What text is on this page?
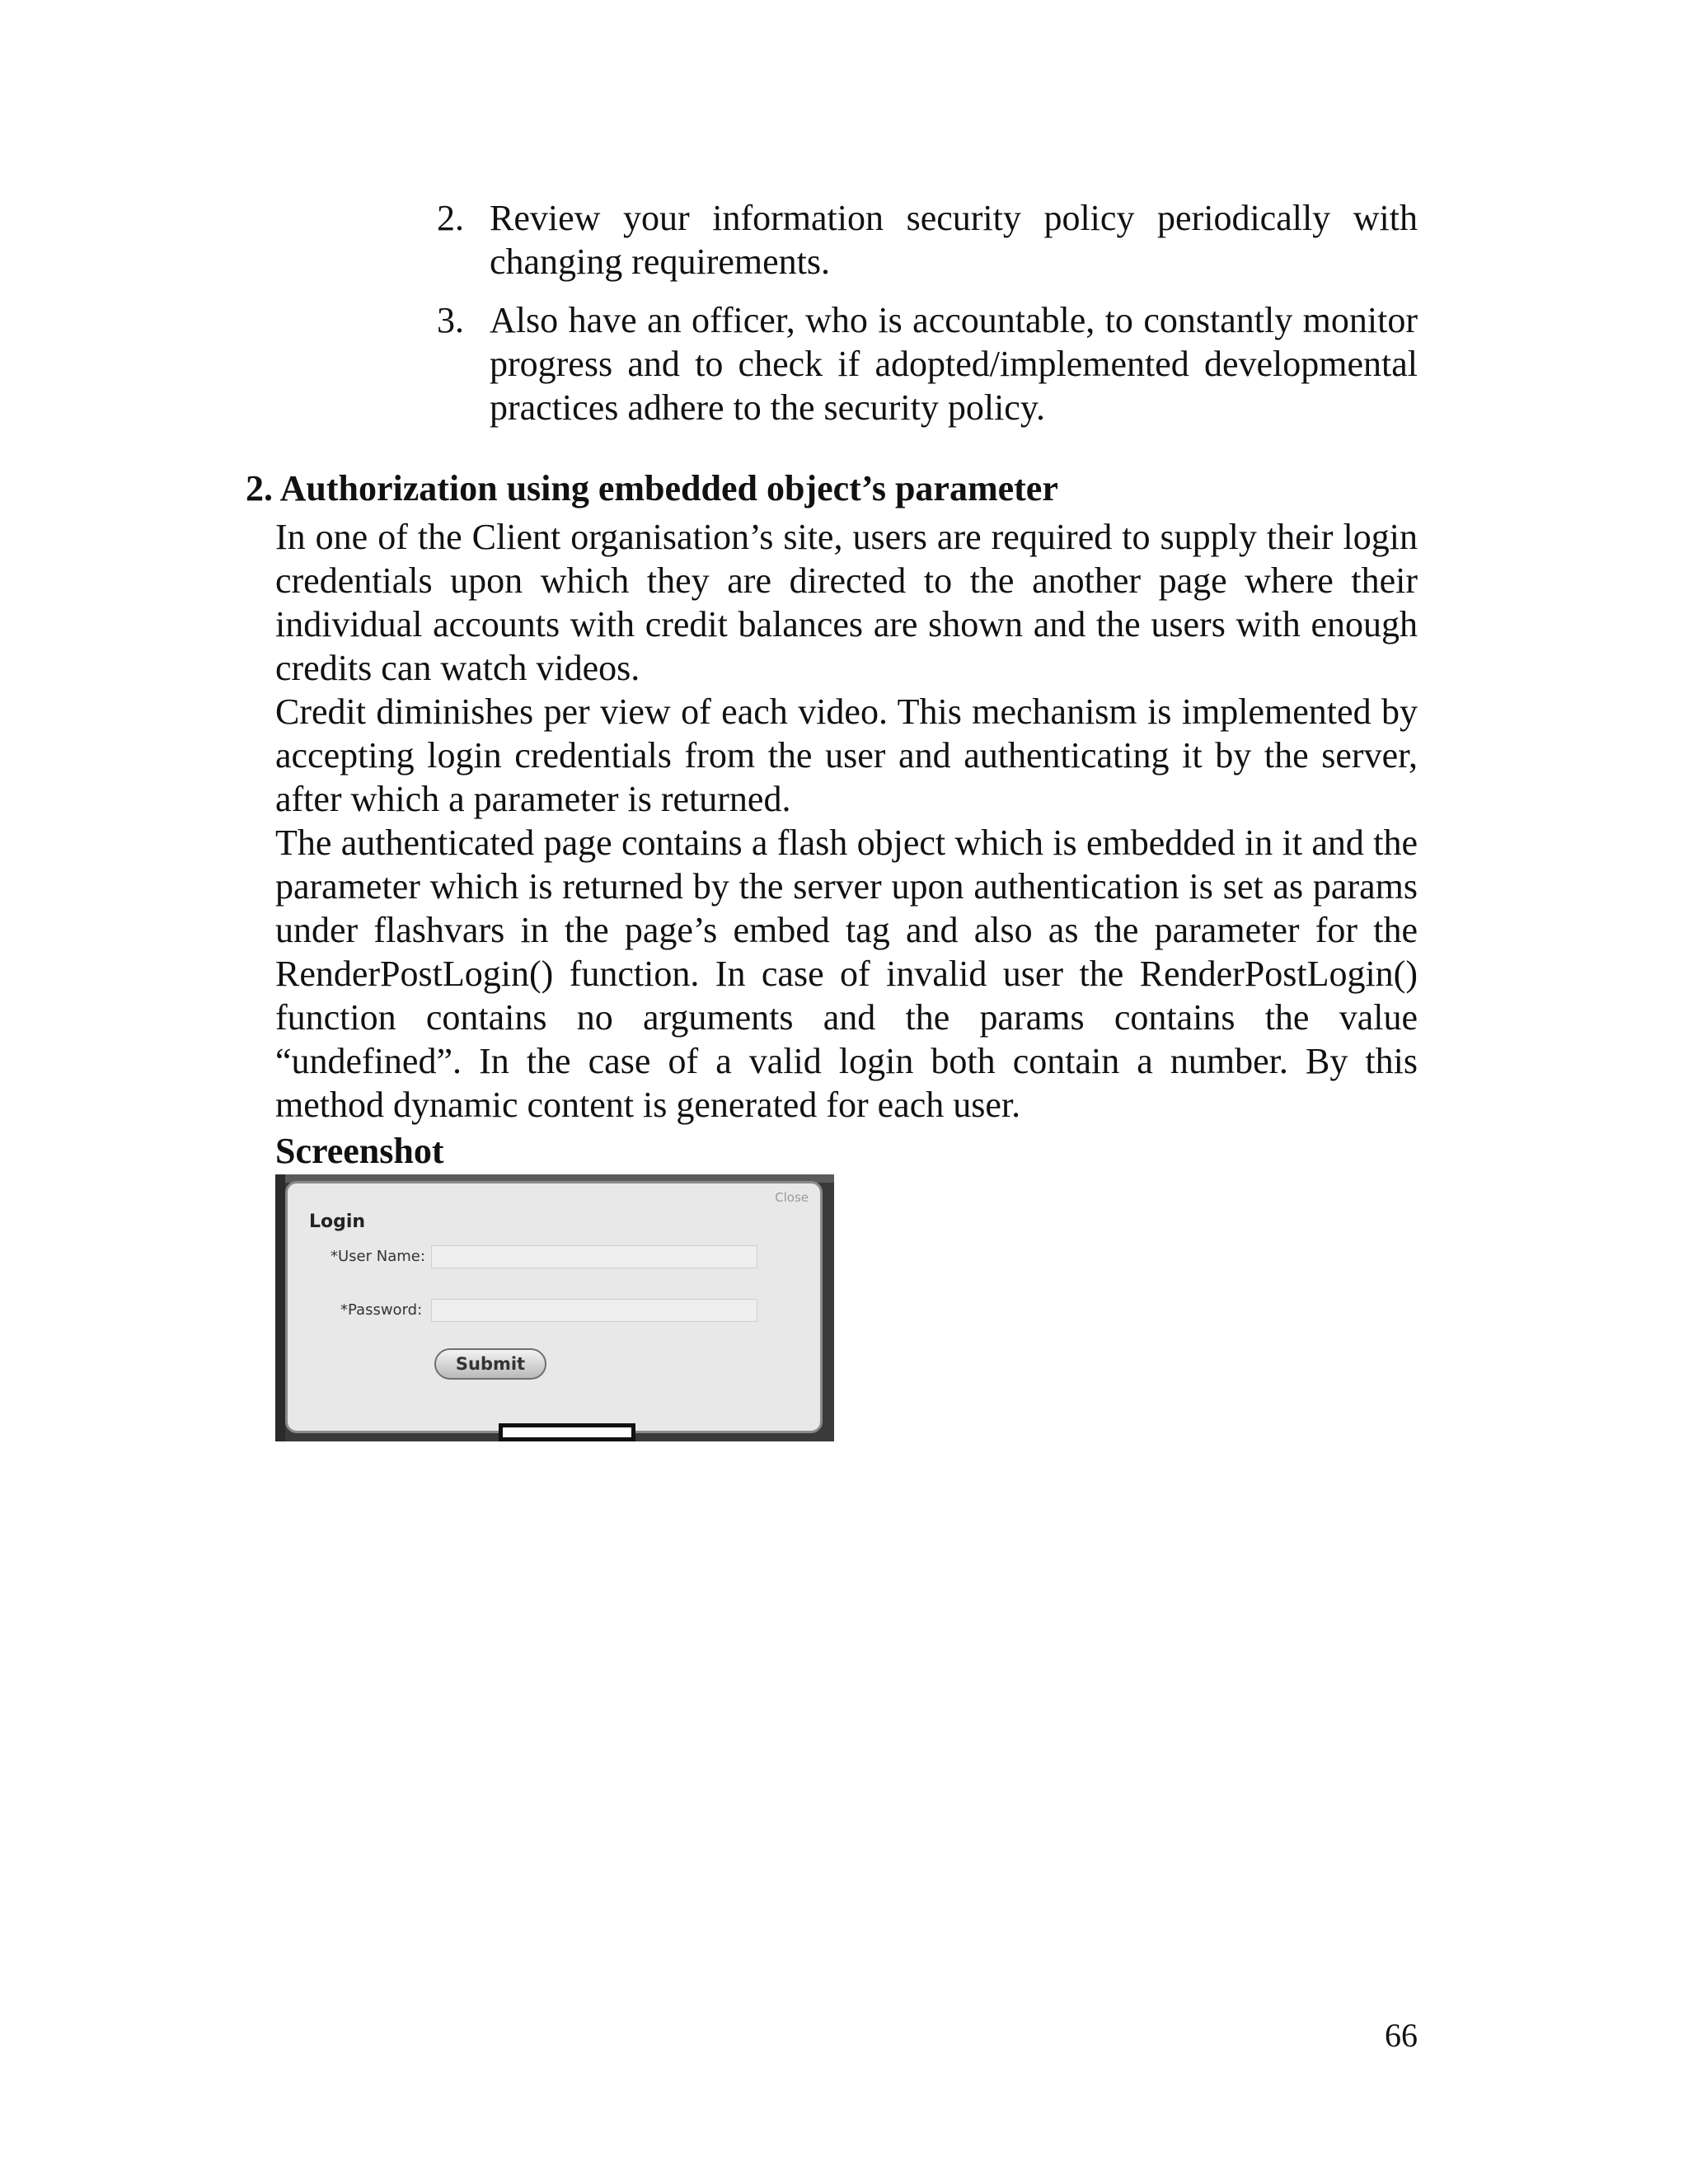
2. Review your information security policy periodically with changing requirements.
3. Also have an officer, who is accountable, to constantly monitor progress and to check if adopted/implemented developmental practices adhere to the security policy.
2. Authorization using embedded object’s parameter

In one of the Client organisation’s site, users are required to supply their login credentials upon which they are directed to the another page where their individual accounts with credit balances are shown and the users with enough credits can watch videos.

Credit diminishes per view of each video. This mechanism is implemented by accepting login credentials from the user and authenticating it by the server, after which a parameter is returned.

The authenticated page contains a flash object which is embedded in it and the parameter which is returned by the server upon authentication is set as params under flashvars in the page’s embed tag and also as the parameter for the RenderPostLogin() function. In case of invalid user the RenderPostLogin() function contains no arguments and the params contains the value “undefined”. In the case of a valid login both contain a number. By this method dynamic content is generated for each user.

Screenshot

Close
Login
*User Name:
*Password:
Submit

66
